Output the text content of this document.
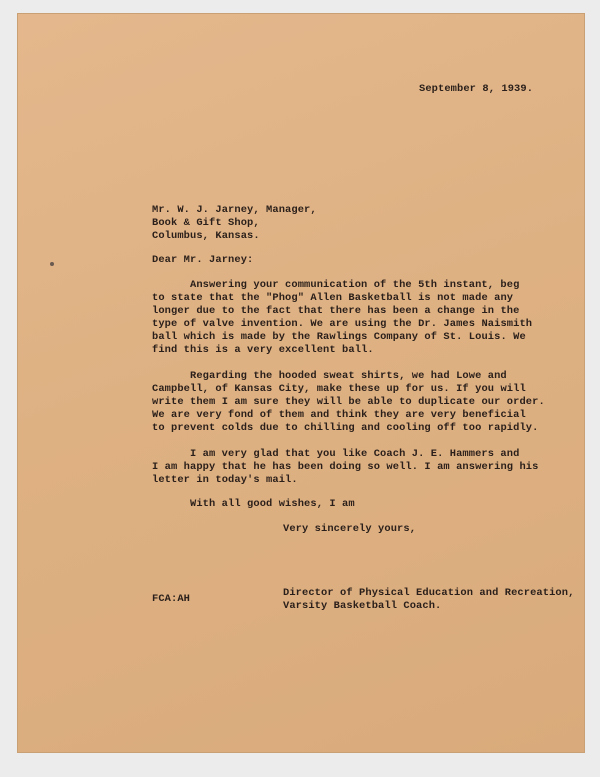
September 8, 1939.
Mr. W. J. Jarney, Manager,
Book & Gift Shop,
Columbus, Kansas.
Dear Mr. Jarney:
Answering your communication of the 5th instant, beg
to state that the "Phog" Allen Basketball is not made any
longer due to the fact that there has been a change in the
type of valve invention. We are using the Dr. James Naismith
ball which is made by the Rawlings Company of St. Louis. We
find this is a very excellent ball.
Regarding the hooded sweat shirts, we had Lowe and
Campbell, of Kansas City, make these up for us. If you will
write them I am sure they will be able to duplicate our order.
We are very fond of them and think they are very beneficial
to prevent colds due to chilling and cooling off too rapidly.
I am very glad that you like Coach J. E. Hammers and
I am happy that he has been doing so well. I am answering his
letter in today's mail.
With all good wishes, I am
Very sincerely yours,
Director of Physical Education and Recreation,
Varsity Basketball Coach.
FCA:AH
